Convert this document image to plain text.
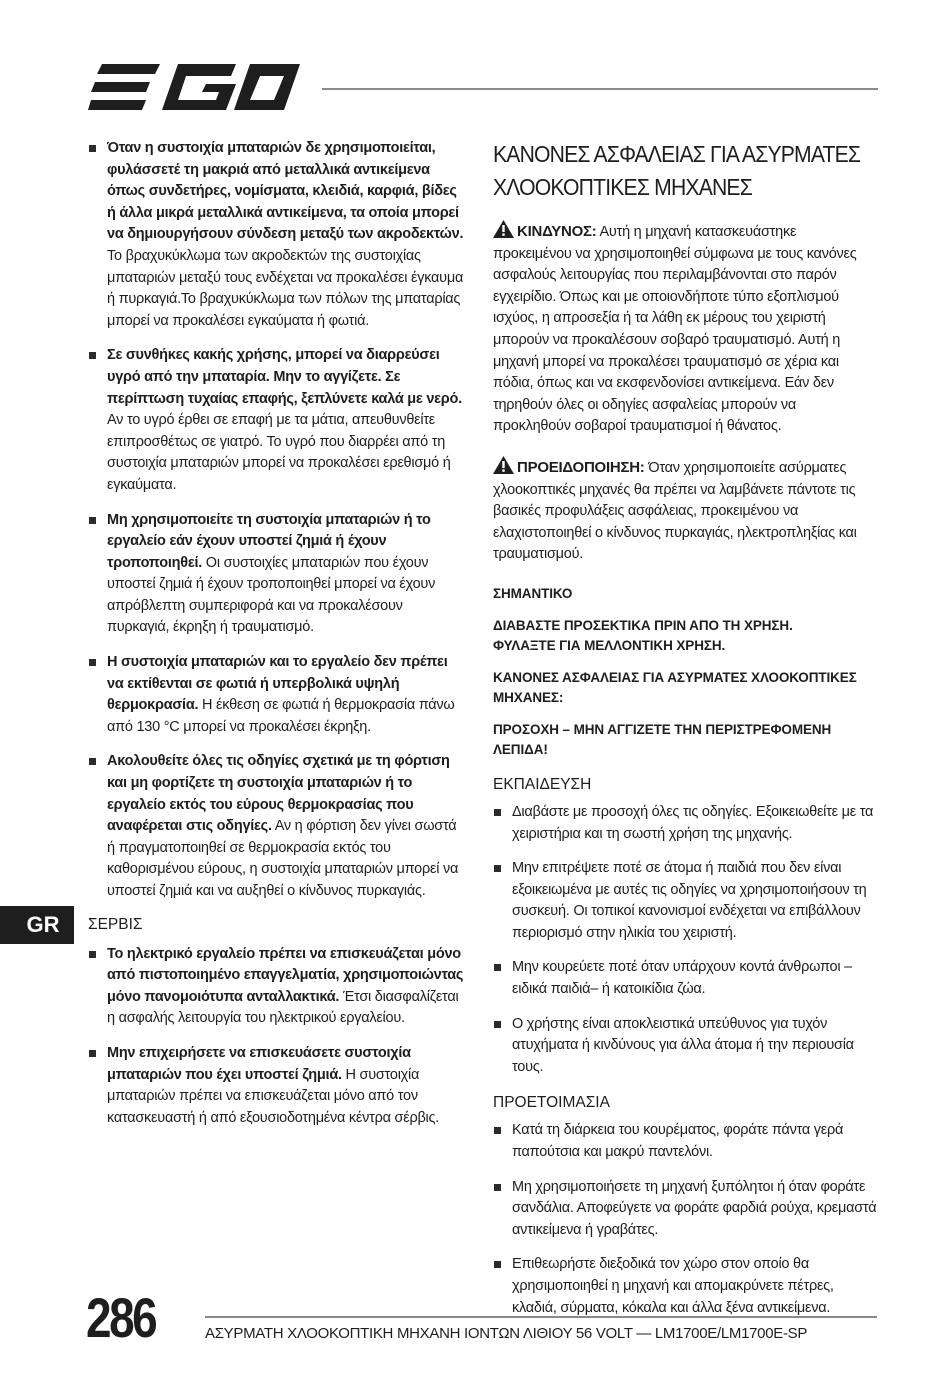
Όταν η συστοιχία μπαταριών δε χρησιμοποιείται, φυλάσσετέ τη μακριά από μεταλλικά αντικείμενα όπως συνδετήρες, νομίσματα, κλειδιά, καρφιά, βίδες ή άλλα μικρά μεταλλικά αντικείμενα, τα οποία μπορεί να δημιουργήσουν σύνδεση μεταξύ των ακροδεκτών. Το βραχυκύκλωμα των ακροδεκτών της συστοιχίας μπαταριών μεταξύ τους ενδέχεται να προκαλέσει έγκαυμα ή πυρκαγιά.Το βραχυκύκλωμα των πόλων της μπαταρίας μπορεί να προκαλέσει εγκαύματα ή φωτιά.
Σε συνθήκες κακής χρήσης, μπορεί να διαρρεύσει υγρό από την μπαταρία. Μην το αγγίζετε. Σε περίπτωση τυχαίας επαφής, ξεπλύνετε καλά με νερό. Αν το υγρό έρθει σε επαφή με τα μάτια, απευθυνθείτε επιπροσθέτως σε γιατρό. Το υγρό που διαρρέει από τη συστοιχία μπαταριών μπορεί να προκαλέσει ερεθισμό ή εγκαύματα.
Μη χρησιμοποιείτε τη συστοιχία μπαταριών ή το εργαλείο εάν έχουν υποστεί ζημιά ή έχουν τροποποιηθεί. Οι συστοιχίες μπαταριών που έχουν υποστεί ζημιά ή έχουν τροποποιηθεί μπορεί να έχουν απρόβλεπτη συμπεριφορά και να προκαλέσουν πυρκαγιά, έκρηξη ή τραυματισμό.
Η συστοιχία μπαταριών και το εργαλείο δεν πρέπει να εκτίθενται σε φωτιά ή υπερβολικά υψηλή θερμοκρασία. Η έκθεση σε φωτιά ή θερμοκρασία πάνω από 130 °C μπορεί να προκαλέσει έκρηξη.
Ακολουθείτε όλες τις οδηγίες σχετικά με τη φόρτιση και μη φορτίζετε τη συστοιχία μπαταριών ή το εργαλείο εκτός του εύρους θερμοκρασίας που αναφέρεται στις οδηγίες. Αν η φόρτιση δεν γίνει σωστά ή πραγματοποιηθεί σε θερμοκρασία εκτός του καθορισμένου εύρους, η συστοιχία μπαταριών μπορεί να υποστεί ζημιά και να αυξηθεί ο κίνδυνος πυρκαγιάς.
ΣΕΡΒΙΣ
Το ηλεκτρικό εργαλείο πρέπει να επισκευάζεται μόνο από πιστοποιημένο επαγγελματία, χρησιμοποιώντας μόνο πανομοιότυπα ανταλλακτικά. Έτσι διασφαλίζεται η ασφαλής λειτουργία του ηλεκτρικού εργαλείου.
Μην επιχειρήσετε να επισκευάσετε συστοιχία μπαταριών που έχει υποστεί ζημιά. Η συστοιχία μπαταριών πρέπει να επισκευάζεται μόνο από τον κατασκευαστή ή από εξουσιοδοτημένα κέντρα σέρβις.
ΚΑΝΟΝΕΣ ΑΣΦΑΛΕΙΑΣ ΓΙΑ ΑΣΥΡΜΑΤΕΣ ΧΛΟΟΚΟΠΤΙΚΕΣ ΜΗΧΑΝΕΣ
ΚΙΝΔΥΝΟΣ: Αυτή η μηχανή κατασκευάστηκε προκειμένου να χρησιμοποιηθεί σύμφωνα με τους κανόνες ασφαλούς λειτουργίας που περιλαμβάνονται στο παρόν εγχειρίδιο. Όπως και με οποιονδήποτε τύπο εξοπλισμού ισχύος, η απροσεξία ή τα λάθη εκ μέρους του χειριστή μπορούν να προκαλέσουν σοβαρό τραυματισμό. Αυτή η μηχανή μπορεί να προκαλέσει τραυματισμό σε χέρια και πόδια, όπως και να εκσφενδονίσει αντικείμενα. Εάν δεν τηρηθούν όλες οι οδηγίες ασφαλείας μπορούν να προκληθούν σοβαροί τραυματισμοί ή θάνατος.
ΠΡΟΕΙΔΟΠΟΙΗΣΗ: Όταν χρησιμοποιείτε ασύρματες χλοοκοπτικές μηχανές θα πρέπει να λαμβάνετε πάντοτε τις βασικές προφυλάξεις ασφάλειας, προκειμένου να ελαχιστοποιηθεί ο κίνδυνος πυρκαγιάς, ηλεκτροπληξίας και τραυματισμού.
ΣΗΜΑΝΤΙΚΟ
ΔΙΑΒΑΣΤΕ ΠΡΟΣΕΚΤΙΚΑ ΠΡΙΝ ΑΠΟ ΤΗ ΧΡΗΣΗ.
ΦΥΛΑΞΤΕ ΓΙΑ ΜΕΛΛΟΝΤΙΚΗ ΧΡΗΣΗ.
ΚΑΝΟΝΕΣ ΑΣΦΑΛΕΙΑΣ ΓΙΑ ΑΣΥΡΜΑΤΕΣ ΧΛΟΟΚΟΠΤΙΚΕΣ ΜΗΧΑΝΕΣ:
ΠΡΟΣΟΧΗ – ΜΗΝ ΑΓΓΙΖΕΤΕ ΤΗΝ ΠΕΡΙΣΤΡΕΦΟΜΕΝΗ ΛΕΠΙΔΑ!
ΕΚΠΑΙΔΕΥΣΗ
Διαβάστε με προσοχή όλες τις οδηγίες. Εξοικειωθείτε με τα χειριστήρια και τη σωστή χρήση της μηχανής.
Μην επιτρέψετε ποτέ σε άτομα ή παιδιά που δεν είναι εξοικειωμένα με αυτές τις οδηγίες να χρησιμοποιήσουν τη συσκευή. Οι τοπικοί κανονισμοί ενδέχεται να επιβάλλουν περιορισμό στην ηλικία του χειριστή.
Μην κουρεύετε ποτέ όταν υπάρχουν κοντά άνθρωποι – ειδικά παιδιά– ή κατοικίδια ζώα.
Ο χρήστης είναι αποκλειστικά υπεύθυνος για τυχόν ατυχήματα ή κινδύνους για άλλα άτομα ή την περιουσία τους.
ΠΡΟΕΤΟΙΜΑΣΙΑ
Κατά τη διάρκεια του κουρέματος, φοράτε πάντα γερά παπούτσια και μακρύ παντελόνι.
Μη χρησιμοποιήσετε τη μηχανή ξυπόλητοι ή όταν φοράτε σανδάλια. Αποφεύγετε να φοράτε φαρδιά ρούχα, κρεμαστά αντικείμενα ή γραβάτες.
Επιθεωρήστε διεξοδικά τον χώρο στον οποίο θα χρησιμοποιηθεί η μηχανή και απομακρύνετε πέτρες, κλαδιά, σύρματα, κόκαλα και άλλα ξένα αντικείμενα.
GR
286	ΑΣΥΡΜΑΤΗ ΧΛΟΟΚΟΠΤΙΚΗ ΜΗΧΑΝΗ ΙΟΝΤΩΝ ΛΙΘΙΟΥ 56 VOLT — LM1700E/LM1700E-SP
